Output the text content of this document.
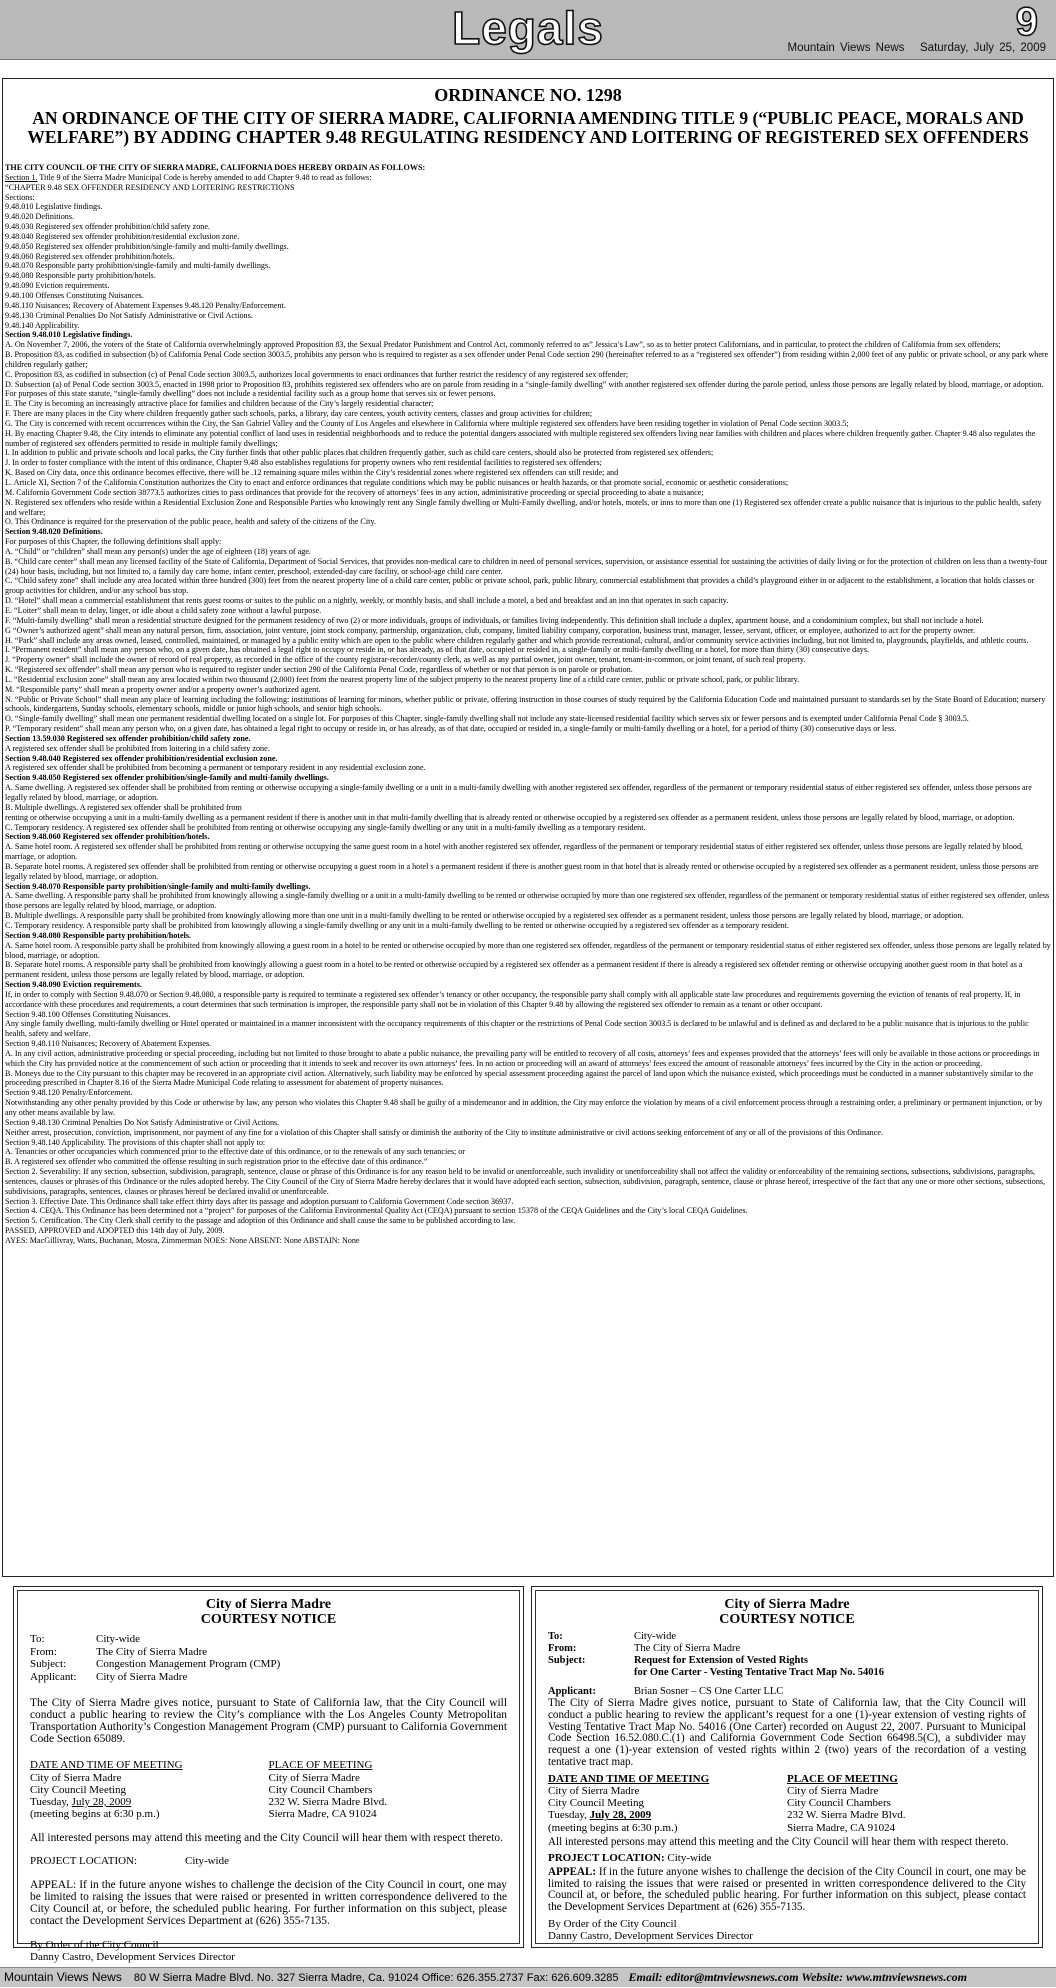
Legals	9
Mountain Views News Saturday, July 25, 2009
ORDINANCE NO. 1298
AN ORDINANCE OF THE CITY OF SIERRA MADRE, CALIFORNIA AMENDING TITLE 9 (“PUBLIC PEACE, MORALS AND WELFARE”) BY ADDING CHAPTER 9.48 REGULATING RESIDENCY AND LOITERING OF REGISTERED SEX OFFENDERS

THE CITY COUNCIL OF THE CITY OF SIERRA MADRE, CALIFORNIA DOES HEREBY ORDAIN AS FOLLOWS:

Section 1. Title 9 of the Sierra Madre Municipal Code is hereby amended to add Chapter 9.48 to read as follows:

“CHAPTER 9.48 SEX OFFENDER RESIDENCY AND LOITERING RESTRICTIONS

Sections:

9.48.010 Legislative findings.

9.48.020 Definitions.

9.48.030 Registered sex offender prohibition/child safety zone.

9.48.040 Registered sex offender prohibition/residential exclusion zone.

9.48.050 Registered sex offender prohibition/single-family and multi-family dwellings.

9.48.060 Registered sex offender prohibition/hotels.

9.48.070 Responsible party prohibition/single-family and multi-family dwellings.

9.48.080 Responsible party prohibition/hotels.

9.48.090 Eviction requirements.

9.48.100 Offenses Constituting Nuisances.

9.48.110 Nuisances; Recovery of Abatement Expenses 9.48.120 Penalty/Enforcement.

9.48.130 Criminal Penalties Do Not Satisfy Administrative or Civil Actions.

9.48.140 Applicability.

Section 9.48.010 Legislative findings.

A. On November 7, 2006, the voters of the State of California overwhelmingly approved Proposition 83, the Sexual Predator Punishment and Control Act, commonly referred to as” Jessica’s Law”, so as to better protect Californians, and in particular, to protect the children of California from sex offenders;

B. Proposition 83, as codified in subsection (b) of California Penal Code section 3003.5, prohibits any person who is required to register as a sex offender under Penal Code section 290 (hereinafter referred to as a “registered sex offender”) from residing within 2,000 feet of any public or private school, or any park where children regularly gather;

C. Proposition 83, as codified in subsection (c) of Penal Code section 3003.5, authorizes local governments to enact ordinances that further restrict the residency of any registered sex offender;

D. Subsection (a) of Penal Code section 3003.5, enacted in 1998 prior to Proposition 83, prohibits registered sex offenders who are on parole from residing in a “single-family dwelling” with another registered sex offender during the parole period, unless those persons are legally related by blood, marriage, or adoption. For purposes of this state statute, “single-family dwelling” does not include a residential facility such as a group home that serves six or fewer persons.

E. The City is becoming an increasingly attractive place for families and children because of the City’s largely residential character;

F. There are many places in the City where children frequently gather such schools, parks, a library, day care centers, youth activity centers, classes and group activities for children;

G. The City is concerned with recent occurrences within the City, the San Gabriel Valley and the County of Los Angeles and elsewhere in California where multiple registered sex offenders have been residing together in violation of Penal Code section 3003.5;

H. By enacting Chapter 9.48, the City intends to eliminate any potential conflict of land uses in residential neighborhoods and to reduce the potential dangers associated with multiple registered sex offenders living near families with children and places where children frequently gather. Chapter 9.48 also regulates the number of registered sex offenders permitted to reside in multiple family dwellings;

I. In addition to public and private schools and local parks, the City further finds that other public places that children frequently gather, such as child care centers, should also be protected from registered sex offenders;

J. In order to foster compliance with the intent of this ordinance, Chapter 9.48 also establishes regulations for property owners who rent residential facilities to registered sex offenders;

K. Based on City data, once this ordinance becomes effective, there will be .12 remaining square miles within the City’s residential zones where registered sex offenders can still reside; and

L. Article XI, Section 7 of the California Constitution authorizes the City to enact and enforce ordinances that regulate conditions which may be public nuisances or health hazards, or that promote social, economic or aesthetic considerations;

M. California Government Code section 38773.5 authorizes cities to pass ordinances that provide for the recovery of attorneys’ fees in any action, administrative proceeding or special proceeding to abate a nuisance;

N. Registered sex offenders who reside within a Residential Exclusion Zone and Responsible Parties who knowingly rent any Single family dwelling or Multi-Family dwelling, and/or hotels, motels, or inns to more than one (1) Registered sex offender create a public nuisance that is injurious to the public health, safety and welfare;

O. This Ordinance is required for the preservation of the public peace, health and safety of the citizens of the City.

Section 9.48.020 Definitions.

For purposes of this Chapter, the following definitions shall apply:

A. “Child” or “children” shall mean any person(s) under the age of eighteen (18) years of age.

B. “Child care center” shall mean any licensed facility of the State of California, Department of Social Services, that provides non-medical care to children in need of personal services, supervision, or assistance essential for sustaining the activities of daily living or for the protection of children on less than a twenty-four (24) hour basis, including, but not limited to, a family day care home, infant center, preschool, extended-day care facility, or school-age child care center.

C. “Child safety zone” shall include any area located within three hundred (300) feet from the nearest property line of a child care center, public or private school, park, public library, commercial establishment that provides a child’s playground either in or adjacent to the establishment, a location that holds classes or group activities for children, and/or any school bus stop.

D. “Hotel” shall mean a commercial establishment that rents guest rooms or suites to the public on a nightly, weekly, or monthly basis, and shall include a motel, a bed and breakfast and an inn that operates in such capacity.

E. “Loiter” shall mean to delay, linger, or idle about a child safety zone without a lawful purpose.

F. “Multi-family dwelling” shall mean a residential structure designed for the permanent residency of two (2) or more individuals, groups of individuals, or families living independently. This definition shall include a duplex, apartment house, and a condominium complex, but shall not include a hotel.

G “Owner’s authorized agent” shall mean any natural person, firm, association, joint venture, joint stock company, partnership, organization, club, company, limited liability company, corporation, business trust, manager, lessee, servant, officer, or employee, authorized to act for the property owner.

H. “Park” shall include any areas owned, leased, controlled, maintained, or managed by a public entity which are open to the public where children regularly gather and which provide recreational, cultural, and/or community service activities including, but not limited to, playgrounds, playfields, and athletic courts.

I. “Permanent resident” shall mean any person who, on a given date, has obtained a legal right to occupy or reside in, or has already, as of that date, occupied or resided in, a single-family or multi-family dwelling or a hotel, for more than thirty (30) consecutive days.

J. “Property owner” shall include the owner of record of real property, as recorded in the office of the county registrar-recorder/county clerk, as well as any partial owner, joint owner, tenant, tenant-in-common, or joint tenant, of such real property.

K. “Registered sex offender” shall mean any person who is required to register under section 290 of the California Penal Code, regardless of whether or not that person is on parole or probation.

L. “Residential exclusion zone” shall mean any area located within two thousand (2,000) feet from the nearest property line of the subject property to the nearest property line of a child care center, public or private school, park, or public library.

M. “Responsible party” shall mean a property owner and/or a property owner’s authorized agent.

N. “Public or Private School” shall mean any place of learning including the following: institutions of learning for minors, whether public or private, offering instruction in those courses of study required by the California Education Code and maintained pursuant to standards set by the State Board of Education; nursery schools, kindergartens, Sunday schools, elementary schools, middle or junior high schools, and senior high schools.

O. “Single-family dwelling” shall mean one permanent residential dwelling located on a single lot. For purposes of this Chapter, single-family dwelling shall not include any state-licensed residential facility which serves six or fewer persons and is exempted under California Penal Code § 3003.5.

P. “Temporary resident” shall mean any person who, on a given date, has obtained a legal right to occupy or reside in, or has already, as of that date, occupied or resided in, a single-family or multi-family dwelling or a hotel, for a period of thirty (30) consecutive days or less.

Section 13.59.030 Registered sex offender prohibition/child safety zone.

A registered sex offender shall be prohibited from loitering in a child safety zone.

Section 9.48.040 Registered sex offender prohibition/residential exclusion zone.

A registered sex offender shall be prohibited from becoming a permanent or temporary resident in any residential exclusion zone.

Section 9.48.050 Registered sex offender prohibition/single-family and multi-family dwellings.

A. Same dwelling. A registered sex offender shall be prohibited from renting or otherwise occupying a single-family dwelling or a unit in a multi-family dwelling with another registered sex offender, regardless of the permanent or temporary residential status of either registered sex offender, unless those persons are legally related by blood, marriage, or adoption.

B. Multiple dwellings. A registered sex offender shall be prohibited from

renting or otherwise occupying a unit in a multi-family dwelling as a permanent resident if there is another unit in that multi-family dwelling that is already rented or otherwise occupied by a registered sex offender as a permanent resident, unless those persons are legally related by blood, marriage, or adoption.

C. Temporary residency. A registered sex offender shall be prohibited from renting or otherwise occupying any single-family dwelling or any unit in a multi-family dwelling as a temporary resident.

Section 9.48.060 Registered sex offender prohibition/hotels.

A. Same hotel room. A registered sex offender shall be prohibited from renting or otherwise occupying the same guest room in a hotel with another registered sex offender, regardless of the permanent or temporary residential status of either registered sex offender, unless those persons are legally related by blood, marriage, or adoption.

B. Separate hotel rooms. A registered sex offender shall be prohibited from renting or otherwise occupying a guest room in a hotel s a permanent resident if there is another guest room in that hotel that is already rented or otherwise occupied by a registered sex offender as a permanent resident, unless those persons are legally related by blood, marriage, or adoption.

Section 9.48.070 Responsible party prohibition/single-family and multi-family dwellings.

A. Same dwelling. A responsible party shall be prohibited from knowingly allowing a single-family dwelling or a unit in a multi-family dwelling to be rented or otherwise occupied by more than one registered sex offender, regardless of the permanent or temporary residential status of either registered sex offender, unless those persons are legally related by blood, marriage, or adoption.

B. Multiple dwellings. A responsible party shall be prohibited from knowingly allowing more than one unit in a multi-family dwelling to be rented or otherwise occupied by a registered sex offender as a permanent resident, unless those persons are legally related by blood, marriage, or adoption.

C. Temporary residency. A responsible party shall be prohibited from knowingly allowing a single-family dwelling or any unit in a multi-family dwelling to be rented or otherwise occupied by a registered sex offender as a temporary resident.

Section 9.48.080 Responsible party prohibition/hotels.

A. Same hotel room. A responsible party shall be prohibited from knowingly allowing a guest room in a hotel to be rented or otherwise occupied by more than one registered sex offender, regardless of the permanent or temporary residential status of either registered sex offender, unless those persons are legally related by blood, marriage, or adoption.

B. Separate hotel rooms. A responsible party shall be prohibited from knowingly allowing a guest room in a hotel to be rented or otherwise occupied by a registered sex offender as a permanent resident if there is already a registered sex offender renting or otherwise occupying another guest room in that hotel as a permanent resident, unless those persons are legally related by blood, marriage, or adoption.

Section 9.48.090 Eviction requirements.

If, in order to comply with Section 9.48.070 or Section 9.48.080, a responsible party is required to terminate a registered sex offender’s tenancy or other occupancy, the responsible party shall comply with all applicable state law procedures and requirements governing the eviction of tenants of real property. If, in accordance with these procedures and requirements, a court determines that such termination is improper, the responsible party shall not be in violation of this Chapter 9.48 by allowing the registered sex offender to remain as a tenant or other occupant.

Section 9.48.100 Offenses Constituting Nuisances.

Any single family dwelling, multi-family dwelling or Hotel operated or maintained in a manner inconsistent with the occupancy requirements of this chapter or the restrictions of Penal Code section 3003.5 is declared to be unlawful and is defined as and declared to be a public nuisance that is injurious to the public health, safety and welfare.

Section 9.48.110 Nuisances; Recovery of Abatement Expenses.

A. In any civil action, administrative proceeding or special proceeding, including but not limited to those brought to abate a public nuisance, the prevailing party will be entitled to recovery of all costs, attorneys’ fees and expenses provided that the attorneys’ fees will only be available in those actions or proceedings in which the City has provided notice at the commencement of such action or proceeding that it intends to seek and recover its own attorneys’ fees. In no action or proceeding will an award of attorneys’ fees exceed the amount of reasonable attorneys’ fees incurred by the City in the action or proceeding.

B. Moneys due to the City pursuant to this chapter may be recovered in an appropriate civil action. Alternatively, such liability may be enforced by special assessment proceeding against the parcel of land upon which the nuisance existed, which proceedings must be conducted in a manner substantively similar to the proceeding prescribed in Chapter 8.16 of the Sierra Madre Municipal Code relating to assessment for abatement of property nuisances.

Section 9.48.120 Penalty/Enforcement.

Notwithstanding any other penalty provided by this Code or otherwise by law, any person who violates this Chapter 9.48 shall be guilty of a misdemeanor and in addition, the City may enforce the violation by means of a civil enforcement process through a restraining order, a preliminary or permanent injunction, or by any other means available by law.

Section 9.48.130 Criminal Penalties Do Not Satisfy Administrative or Civil Actions.

Neither arrest, prosecution, conviction, imprisonment, nor payment of any fine for a violation of this Chapter shall satisfy or diminish the authority of the City to institute administrative or civil actions seeking enforcement of any or all of the provisions of this Ordinance.

Section 9.48.140 Applicability. The provisions of this chapter shall not apply to:

A. Tenancies or other occupancies which commenced prior to the effective date of this ordinance, or to the renewals of any such tenancies; or

B. A registered sex offender who committed the offense resulting in such registration prior to the effective date of this ordinance.”

Section 2. Severability: If any section, subsection, subdivision, paragraph, sentence, clause or phrase of this Ordinance is for any reason held to be invalid or unenforceable, such invalidity or unenforceability shall not affect the validity or enforceability of the remaining sections, subsections, subdivisions, paragraphs, sentences, clauses or phrases of this Ordinance or the rules adopted hereby. The City Council of the City of Sierra Madre hereby declares that it would have adopted each section, subsection, subdivision, paragraph, sentence, clause or phrase hereof, irrespective of the fact that any one or more other sections, subsections, subdivisions, paragraphs, sentences, clauses or phrases hereof be declared invalid or unenforceable.

Section 3. Effective Date. This Ordinance shall take effect thirty days after its passage and adoption pursuant to California Government Code section 36937.

Section 4. CEQA. This Ordinance has been determined not a “project” for purposes of the California Environmental Quality Act (CEQA) pursuant to section 15378 of the CEQA Guidelines and the City’s local CEQA Guidelines.

Section 5. Certification. The City Clerk shall certify to the passage and adoption of this Ordinance and shall cause the same to be published according to law.

PASSED, APPROVED and ADOPTED this 14th day of July, 2009.

AYES: MacGillivray, Watts, Buchanan, Mosca, Zimmerman NOES: None ABSENT: None ABSTAIN: None

City of Sierra Madre
COURTESY NOTICE
To:	City-wide
From:	The City of Sierra Madre
Subject:	Congestion Management Program (CMP)
Applicant:	City of Sierra Madre
The City of Sierra Madre gives notice, pursuant to State of California law, that the City Council will conduct a public hearing to review the City’s compliance with the Los Angeles County Metropolitan Transportation Authority’s Congestion Management Program (CMP) pursuant to California Government Code Section 65089.
DATE AND TIME OF MEETING
City of Sierra Madre
City Council Meeting
Tuesday, July 28, 2009
(meeting begins at 6:30 p.m.)
PLACE OF MEETING
City of Sierra Madre
City Council Chambers
232 W. Sierra Madre Blvd.
Sierra Madre, CA 91024
All interested persons may attend this meeting and the City Council will hear them with respect thereto.
PROJECT LOCATION:	City-wide
APPEAL: If in the future anyone wishes to challenge the decision of the City Council in court, one may be limited to raising the issues that were raised or presented in written correspondence delivered to the City Council at, or before, the scheduled public hearing. For further information on this subject, please contact the Development Services Department at (626) 355-7135.
By Order of the City Council
Danny Castro, Development Services Director
City of Sierra Madre
COURTESY NOTICE
To:	City-wide
From:	The City of Sierra Madre
Subject:	Request for Extension of Vested Rights
for One Carter - Vesting Tentative Tract Map No. 54016
Applicant:	Brian Sosner – CS One Carter LLC
The City of Sierra Madre gives notice, pursuant to State of California law, that the City Council will conduct a public hearing to review the applicant’s request for a one (1)-year extension of vesting rights of Vesting Tentative Tract Map No. 54016 (One Carter) recorded on August 22, 2007. Pursuant to Municipal Code Section 16.52.080.C.(1) and California Government Code Section 66498.5(C), a subdivider may request a one (1)-year extension of vested rights within 2 (two) years of the recordation of a vesting tentative tract map.
DATE AND TIME OF MEETING
City of Sierra Madre
City Council Meeting
Tuesday, July 28, 2009
(meeting begins at 6:30 p.m.)
PLACE OF MEETING
City of Sierra Madre
City Council Chambers
232 W. Sierra Madre Blvd.
Sierra Madre, CA 91024
All interested persons may attend this meeting and the City Council will hear them with respect thereto.
PROJECT LOCATION: City-wide
APPEAL: If in the future anyone wishes to challenge the decision of the City Council in court, one may be limited to raising the issues that were raised or presented in written correspondence delivered to the City Council at, or before, the scheduled public hearing. For further information on this subject, please contact the Development Services Department at (626) 355-7135.
By Order of the City Council
Danny Castro, Development Services Director
Mountain Views News 80 W Sierra Madre Blvd. No. 327 Sierra Madre, Ca. 91024 Office: 626.355.2737 Fax: 626.609.3285 Email: editor@mtnviewsnews.com Website: www.mtnviewsnews.com
